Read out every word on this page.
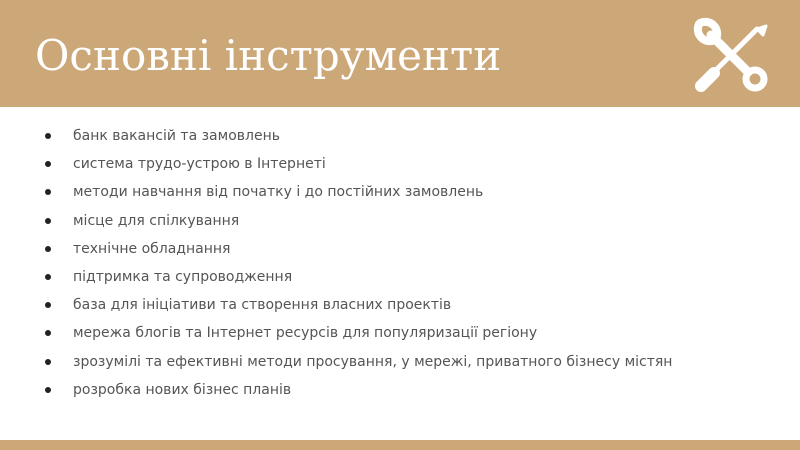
Основні інструменти
банк вакансій та замовлень
система трудо-устрою в Інтернеті
методи навчання від початку і до постійних замовлень
місце для спілкування
технічне обладнання
підтримка та супроводження
база для ініціативи та створення власних проектів
мережа блогів та Інтернет ресурсів для популяризації регіону
зрозумілі та ефективні методи просування, у мережі, приватного бізнесу містян
розробка нових бізнес планів
